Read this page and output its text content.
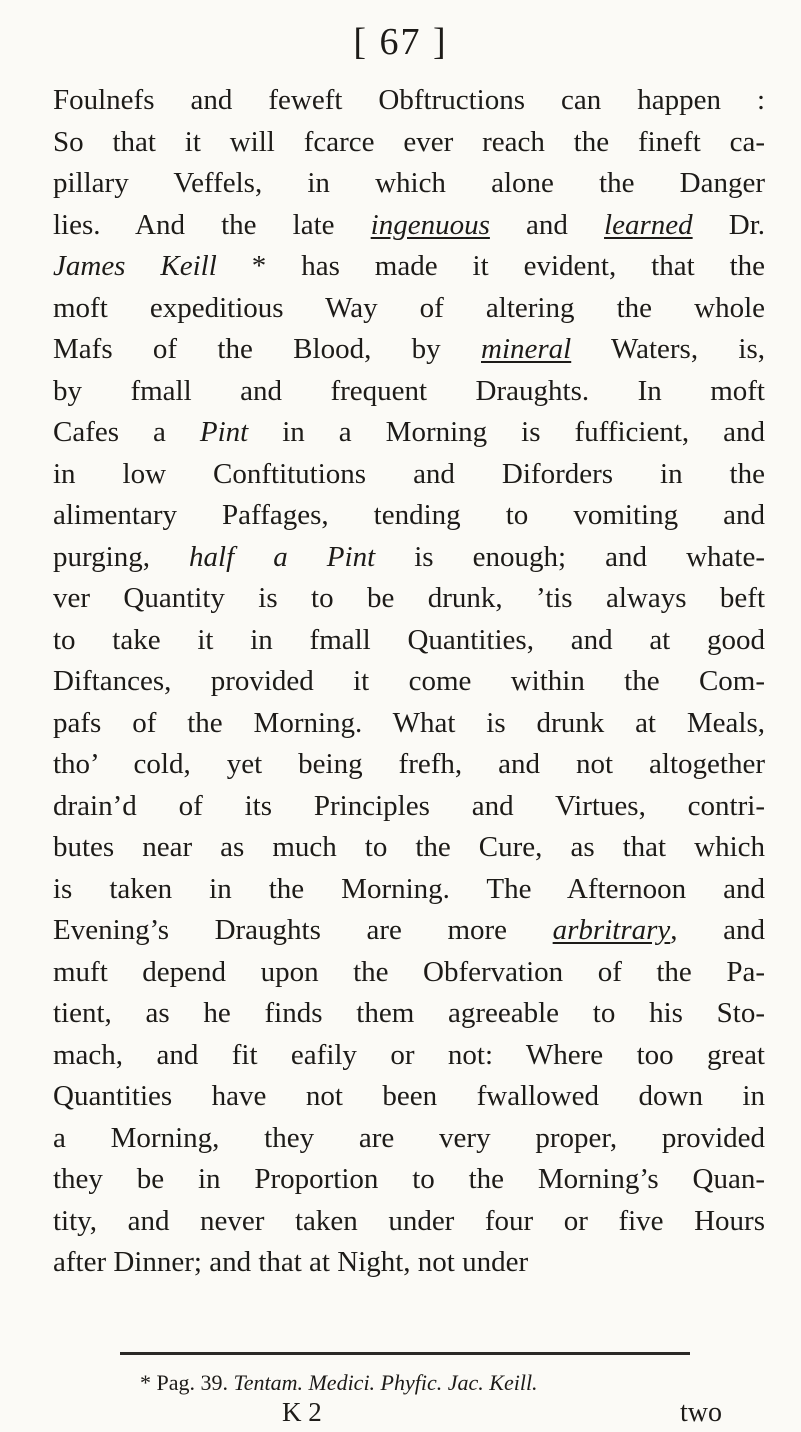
[ 67 ]
Foulnefs and feweft Obftructions can happen :
So that it will fcarce ever reach the fineft ca-
pillary Veffels, in which alone the Danger
lies. And the late ingenuous and learned Dr.
James Keill * has made it evident, that the
moft expeditious Way of altering the whole
Mafs of the Blood, by mineral Waters, is,
by fmall and frequent Draughts. In moft
Cafes a Pint in a Morning is fufficient, and
in low Conftitutions and Diforders in the
alimentary Paffages, tending to vomiting and
purging, half a Pint is enough; and whate-
ver Quantity is to be drunk, ’tis always beft
to take it in fmall Quantities, and at good
Diftances, provided it come within the Com-
pafs of the Morning. What is drunk at Meals,
tho’ cold, yet being frefh, and not altogether
drain’d of its Principles and Virtues, contri-
butes near as much to the Cure, as that which
is taken in the Morning. The Afternoon and
Evening’s Draughts are more arbritrary, and
muft depend upon the Obfervation of the Pa-
tient, as he finds them agreeable to his Sto-
mach, and fit eafily or not: Where too great
Quantities have not been fwallowed down in
a Morning, they are very proper, provided
they be in Proportion to the Morning’s Quan-
tity, and never taken under four or five Hours
after Dinner; and that at Night, not under
* Pag. 39. Tentam. Medici. Phyfic. Jac. Keill.
K 2	two
